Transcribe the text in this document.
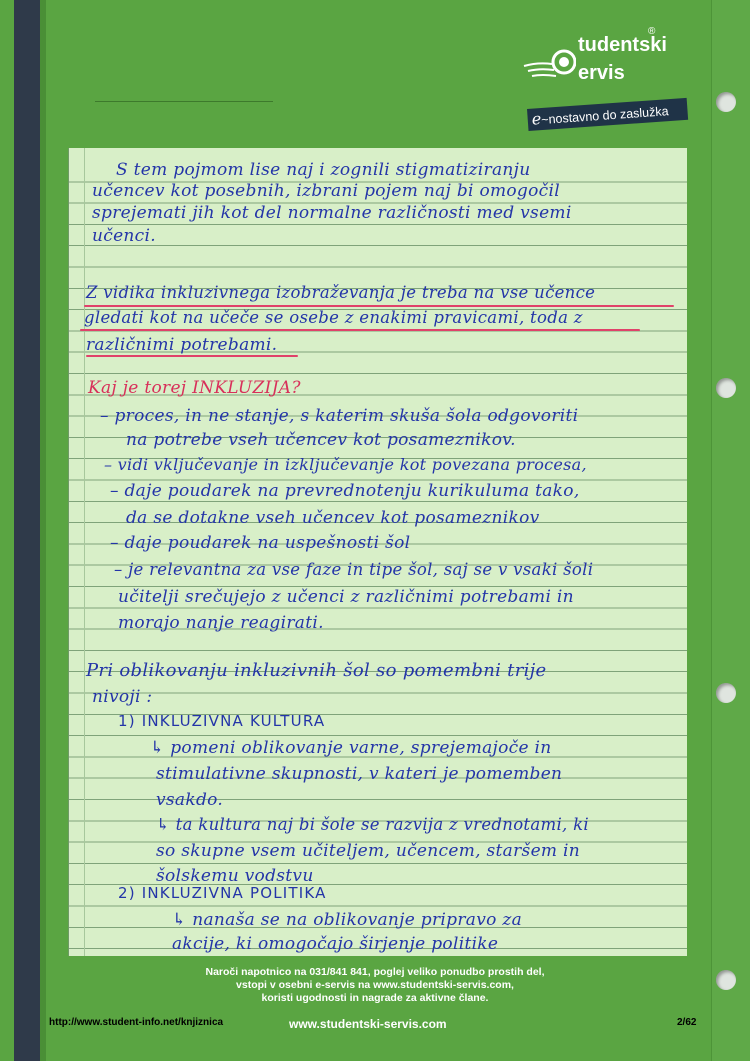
tudentski
ervis
®
e~nostavno do zaslužka
S tem pojmom lise naj i zognili stigmatiziranju
učencev kot posebnih, izbrani pojem naj bi omogočil
sprejemati jih kot del normalne različnosti med vsemi
učenci.
Z vidika inkluzivnega izobraževanja je treba na vse učence
gledati kot na učeče se osebe z enakimi pravicami, toda z
različnimi potrebami.
Kaj je torej INKLUZIJA?
– proces, in ne stanje, s katerim skuša šola odgovoriti
na potrebe vseh učencev kot posameznikov.
– vidi vključevanje in izključevanje kot povezana procesa,
– daje poudarek na prevrednotenju kurikuluma tako,
da se dotakne vseh učencev kot posameznikov
– daje poudarek na uspešnosti šol
– je relevantna za vse faze in tipe šol, saj se v vsaki šoli
učitelji srečujejo z učenci z različnimi potrebami in
morajo nanje reagirati.
Pri oblikovanju inkluzivnih šol so pomembni trije
nivoji :
1) INKLUZIVNA KULTURA
↳ pomeni oblikovanje varne, sprejemajoče in
stimulativne skupnosti, v kateri je pomemben
vsakdo.
↳ ta kultura naj bi šole se razvija z vrednotami, ki
so skupne vsem učiteljem, učencem, staršem in
šolskemu vodstvu
2) INKLUZIVNA POLITIKA
↳ nanaša se na oblikovanje pripravo za
akcije, ki omogočajo širjenje politike
Naroči napotnico na 031/841 841, poglej veliko ponudbo prostih del,
vstopi v osebni e-servis na www.studentski-servis.com,
koristi ugodnosti in nagrade za aktivne člane.
www.studentski-servis.com
http://www.student-info.net/knjiznica	2/62
